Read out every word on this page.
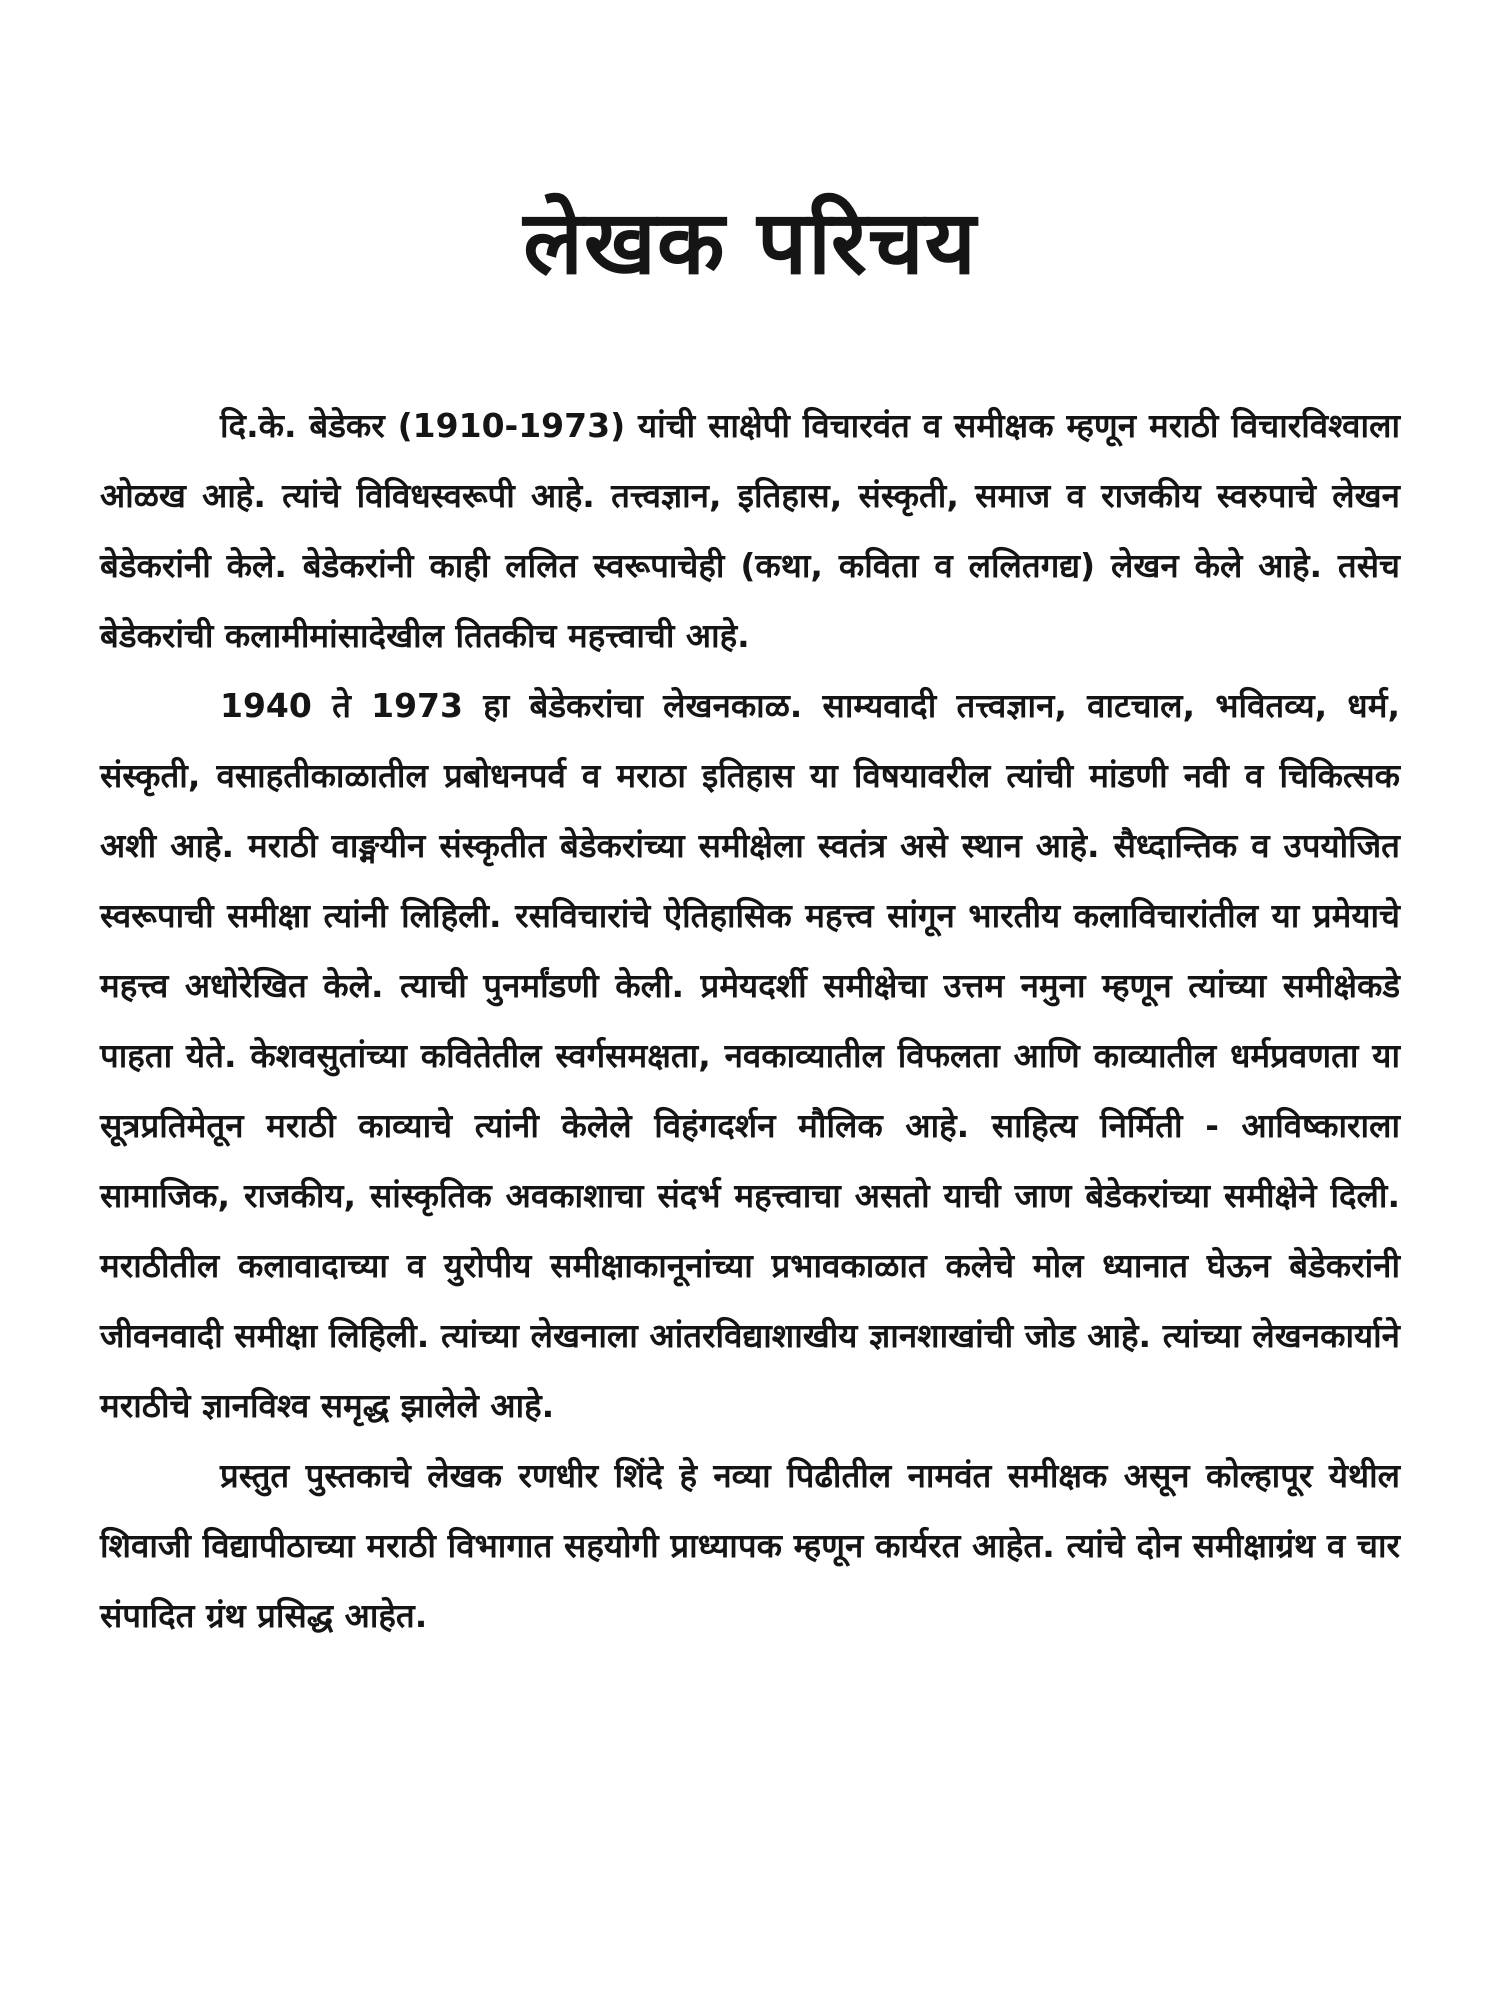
लेखक परिचय

दि.के. बेडेकर (1910-1973) यांची साक्षेपी विचारवंत व समीक्षक म्हणून मराठी विचारविश्वाला ओळख आहे. त्यांचे विविधस्वरूपी आहे. तत्त्वज्ञान, इतिहास, संस्कृती, समाज व राजकीय स्वरुपाचे लेखन बेडेकरांनी केले. बेडेकरांनी काही ललित स्वरूपाचेही (कथा, कविता व ललितगद्य) लेखन केले आहे. तसेच बेडेकरांची कलामीमांसादेखील तितकीच महत्त्वाची आहे.

1940 ते 1973 हा बेडेकरांचा लेखनकाळ. साम्यवादी तत्त्वज्ञान, वाटचाल, भवितव्य, धर्म, संस्कृती, वसाहतीकाळातील प्रबोधनपर्व व मराठा इतिहास या विषयावरील त्यांची मांडणी नवी व चिकित्सक अशी आहे. मराठी वाङ्मयीन संस्कृतीत बेडेकरांच्या समीक्षेला स्वतंत्र असे स्थान आहे. सैध्दान्तिक व उपयोजित स्वरूपाची समीक्षा त्यांनी लिहिली. रसविचारांचे ऐतिहासिक महत्त्व सांगून भारतीय कलाविचारांतील या प्रमेयाचे महत्त्व अधोरेखित केले. त्याची पुनर्मांडणी केली. प्रमेयदर्शी समीक्षेचा उत्तम नमुना म्हणून त्यांच्या समीक्षेकडे पाहता येते. केशवसुतांच्या कवितेतील स्वर्गसमक्षता, नवकाव्यातील विफलता आणि काव्यातील धर्मप्रवणता या सूत्रप्रतिमेतून मराठी काव्याचे त्यांनी केलेले विहंगदर्शन मौलिक आहे. साहित्य निर्मिती - आविष्काराला सामाजिक, राजकीय, सांस्कृतिक अवकाशाचा संदर्भ महत्त्वाचा असतो याची जाण बेडेकरांच्या समीक्षेने दिली. मराठीतील कलावादाच्या व युरोपीय समीक्षाकानूनांच्या प्रभावकाळात कलेचे मोल ध्यानात घेऊन बेडेकरांनी जीवनवादी समीक्षा लिहिली. त्यांच्या लेखनाला आंतरविद्याशाखीय ज्ञानशाखांची जोड आहे. त्यांच्या लेखनकार्याने मराठीचे ज्ञानविश्व समृद्ध झालेले आहे.

प्रस्तुत पुस्तकाचे लेखक रणधीर शिंदे हे नव्या पिढीतील नामवंत समीक्षक असून कोल्हापूर येथील शिवाजी विद्यापीठाच्या मराठी विभागात सहयोगी प्राध्यापक म्हणून कार्यरत आहेत. त्यांचे दोन समीक्षाग्रंथ व चार संपादित ग्रंथ प्रसिद्ध आहेत.
